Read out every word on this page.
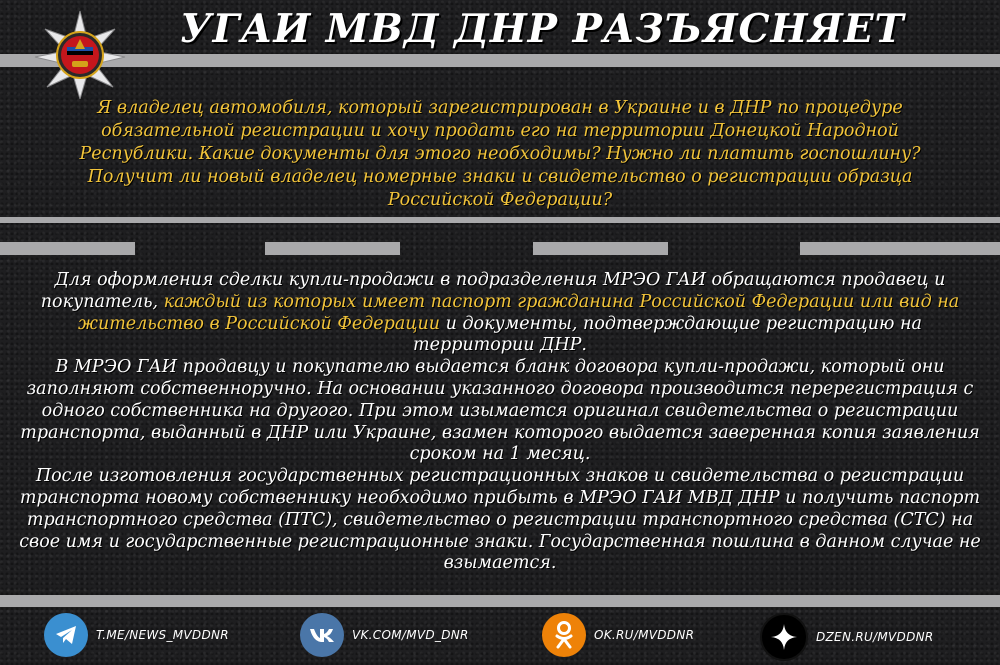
УГАИ МВД ДНР РАЗЪЯСНЯЕТ
Я владелец автомобиля, который зарегистрирован в Украине и в ДНР по процедуре обязательной регистрации и хочу продать его на территории Донецкой Народной Республики. Какие документы для этого необходимы? Нужно ли платить госпошлину? Получит ли новый владелец номерные знаки и свидетельство о регистрации образца Российской Федерации?
Для оформления сделки купли-продажи в подразделения МРЭО ГАИ обращаются продавец и покупатель, каждый из которых имеет паспорт гражданина Российской Федерации или вид на жительство в Российской Федерации и документы, подтверждающие регистрацию на территории ДНР.
В МРЭО ГАИ продавцу и покупателю выдается бланк договора купли-продажи, который они заполняют собственноручно. На основании указанного договора производится перерегистрация с одного собственника на другого. При этом изымается оригинал свидетельства о регистрации транспорта, выданный в ДНР или Украине, взамен которого выдается заверенная копия заявления сроком на 1 месяц.
После изготовления государственных регистрационных знаков и свидетельства о регистрации транспорта новому собственнику необходимо прибыть в МРЭО ГАИ МВД ДНР и получить паспорт транспортного средства (ПТС), свидетельство о регистрации транспортного средства (СТС) на свое имя и государственные регистрационные знаки. Государственная пошлина в данном случае не взымается.
T.ME/NEWS_MVDDNR	VK.COM/MVD_DNR	OK.RU/MVDDNR	DZEN.RU/MVDDNR
